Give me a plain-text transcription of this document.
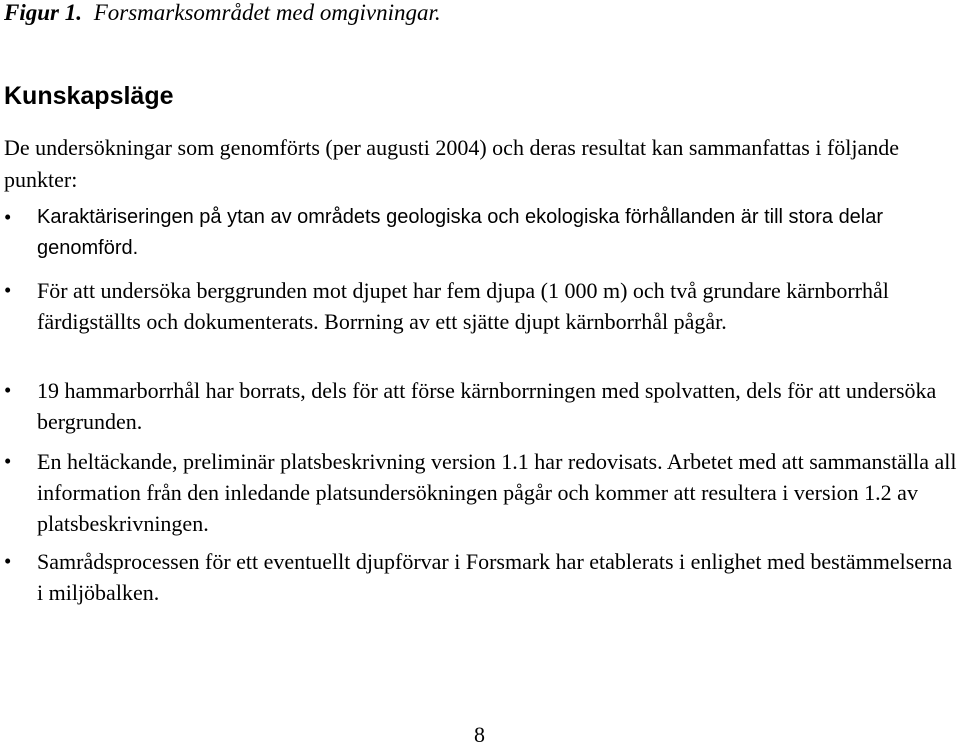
Figur 1. Forsmarksområdet med omgivningar.
Kunskapsläge
De undersökningar som genomförts (per augusti 2004) och deras resultat kan sammanfattas i följande punkter:
• Karaktäriseringen på ytan av områdets geologiska och ekologiska förhållanden är till stora delar genomförd.
• För att undersöka berggrunden mot djupet har fem djupa (1 000 m) och två grundare kärnborrhål färdigställts och dokumenterats. Borrning av ett sjätte djupt kärnborrhål pågår.
• 19 hammarborrhål har borrats, dels för att förse kärnborrningen med spolvatten, dels för att undersöka bergrunden.
• En heltäckande, preliminär platsbeskrivning version 1.1 har redovisats. Arbetet med att sammanställa all information från den inledande platsundersökningen pågår och kommer att resultera i version 1.2 av platsbeskrivningen.
• Samrådsprocessen för ett eventuellt djupförvar i Forsmark har etablerats i enlighet med bestämmelserna i miljöbalken.
8
